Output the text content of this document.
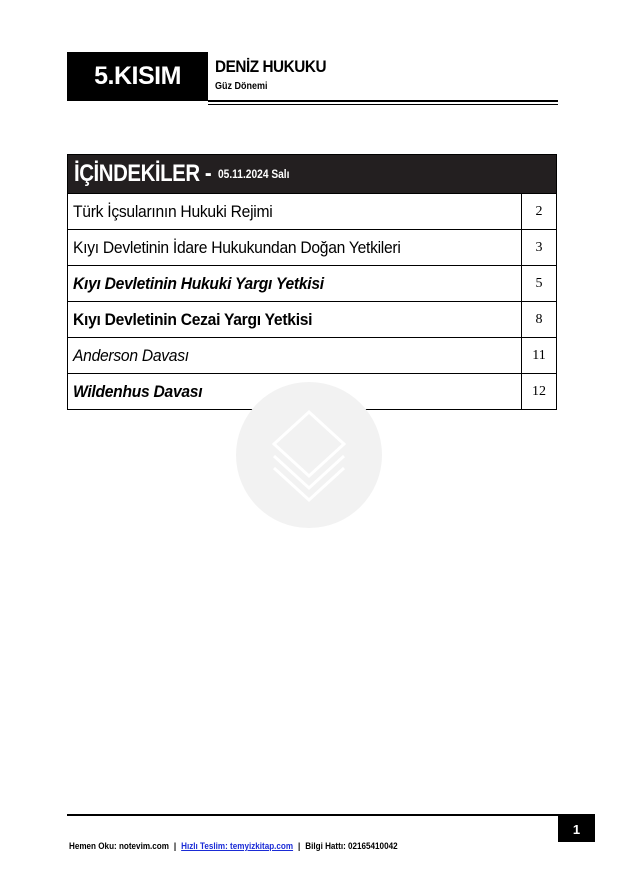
5.KISIM DENİZ HUKUKU
Güz Dönemi
İÇİNDEKİLER - 05.11.2024 Salı
Türk İçsularının Hukuki Rejimi	2
Kıyı Devletinin İdare Hukukundan Doğan Yetkileri	3
Kıyı Devletinin Hukuki Yargı Yetkisi	5
Kıyı Devletinin Cezai Yargı Yetkisi	8
Anderson Davası	11
Wildenhus Davası	12
1
Hemen Oku: notevim.com | Hızlı Teslim: temyizkitap.com | Bilgi Hattı: 02165410042
